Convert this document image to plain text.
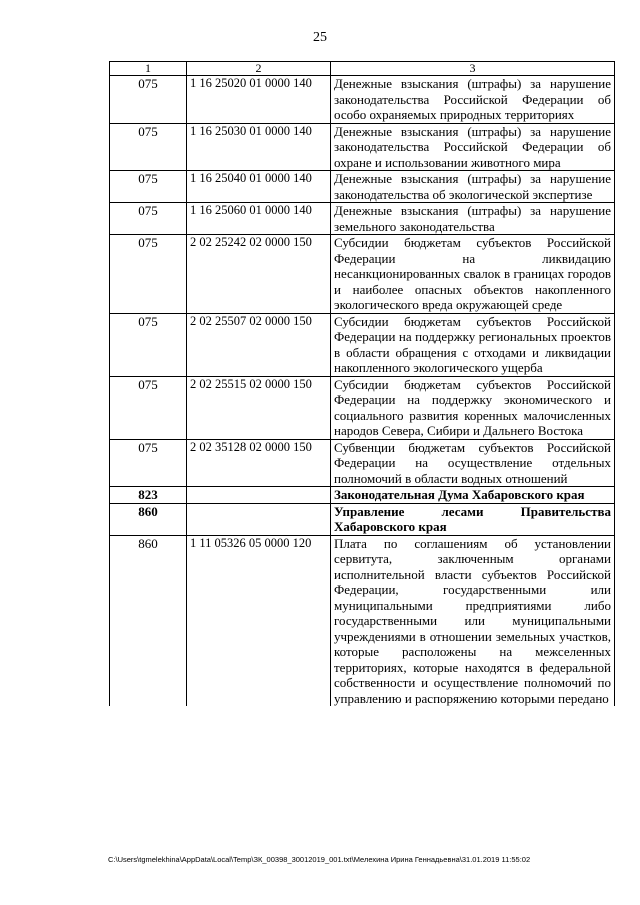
25
1	2	3
075	1 16 25020 01 0000 140	Денежные взыскания (штрафы) за нарушение законодательства Российской Федерации об особо охраняемых природных территориях
075	1 16 25030 01 0000 140	Денежные взыскания (штрафы) за нарушение законодательства Российской Федерации об охране и использовании животного мира
075	1 16 25040 01 0000 140	Денежные взыскания (штрафы) за нарушение законодательства об экологической экспертизе
075	1 16 25060 01 0000 140	Денежные взыскания (штрафы) за нарушение земельного законодательства
075	2 02 25242 02 0000 150	Субсидии бюджетам субъектов Российской Федерации на ликвидацию несанкционированных свалок в границах городов и наиболее опасных объектов накопленного экологического вреда окружающей среде
075	2 02 25507 02 0000 150	Субсидии бюджетам субъектов Российской Федерации на поддержку региональных проектов в области обращения с отходами и ликвидации накопленного экологического ущерба
075	2 02 25515 02 0000 150	Субсидии бюджетам субъектов Российской Федерации на поддержку экономического и социального развития коренных малочисленных народов Севера, Сибири и Дальнего Востока
075	2 02 35128 02 0000 150	Субвенции бюджетам субъектов Российской Федерации на осуществление отдельных полномочий в области водных отношений
823		Законодательная Дума Хабаровского края
860		Управление лесами Правительства Хабаровского края
860	1 11 05326 05 0000 120	Плата по соглашениям об установлении сервитута, заключенным органами исполнительной власти субъектов Российской Федерации, государственными или муниципальными предприятиями либо государственными или муниципальными учреждениями в отношении земельных участков, которые расположены на межселенных территориях, которые находятся в федеральной собственности и осуществление полномочий по управлению и распоряжению которыми передано
C:\Users\tgmelekhina\AppData\Local\Temp\ЗК_00398_30012019_001.txt\Мелехина Ирина Геннадьевна\31.01.2019 11:55:02
